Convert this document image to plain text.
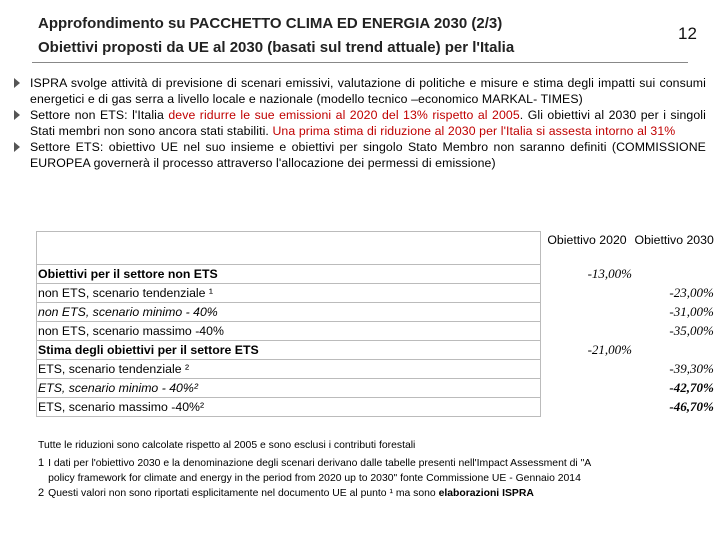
Approfondimento su PACCHETTO CLIMA ED ENERGIA 2030 (2/3)
Obiettivi proposti da UE al 2030 (basati sul trend attuale) per l'Italia
12
ISPRA svolge attività di previsione di scenari emissivi, valutazione di politiche e misure e stima degli impatti sui consumi energetici e di gas serra a livello locale e nazionale (modello tecnico –economico MARKAL- TIMES)
Settore non ETS: l'Italia deve ridurre le sue emissioni al 2020 del 13% rispetto al 2005. Gli obiettivi al 2030 per i singoli Stati membri non sono ancora stati stabiliti. Una prima stima di riduzione al 2030 per l'Italia si assesta intorno al 31%
Settore ETS: obiettivo UE nel suo insieme e obiettivi per singolo Stato Membro non saranno definiti (COMMISSIONE EUROPEA governerà il processo attraverso l'allocazione dei permessi di emissione)
	Obiettivo 2020	Obiettivo 2030
Obiettivi per il settore non ETS	-13,00%	
non ETS, scenario tendenziale ¹		-23,00%
non ETS, scenario minimo - 40%		-31,00%
non ETS, scenario massimo -40%		-35,00%
Stima degli obiettivi per il settore ETS	-21,00%	
ETS, scenario tendenziale ²		-39,30%
ETS, scenario minimo - 40%²		-42,70%
ETS, scenario massimo -40%²		-46,70%
Tutte le riduzioni sono calcolate rispetto al 2005 e sono esclusi i contributi forestali
1 I dati per l'obiettivo 2030 e la denominazione degli scenari derivano dalle tabelle presenti nell'Impact Assessment di "A policy framework for climate and energy in the period from 2020 up to 2030" fonte Commissione UE - Gennaio 2014
2 Questi valori non sono riportati esplicitamente nel documento UE al punto ¹ ma sono elaborazioni ISPRA
